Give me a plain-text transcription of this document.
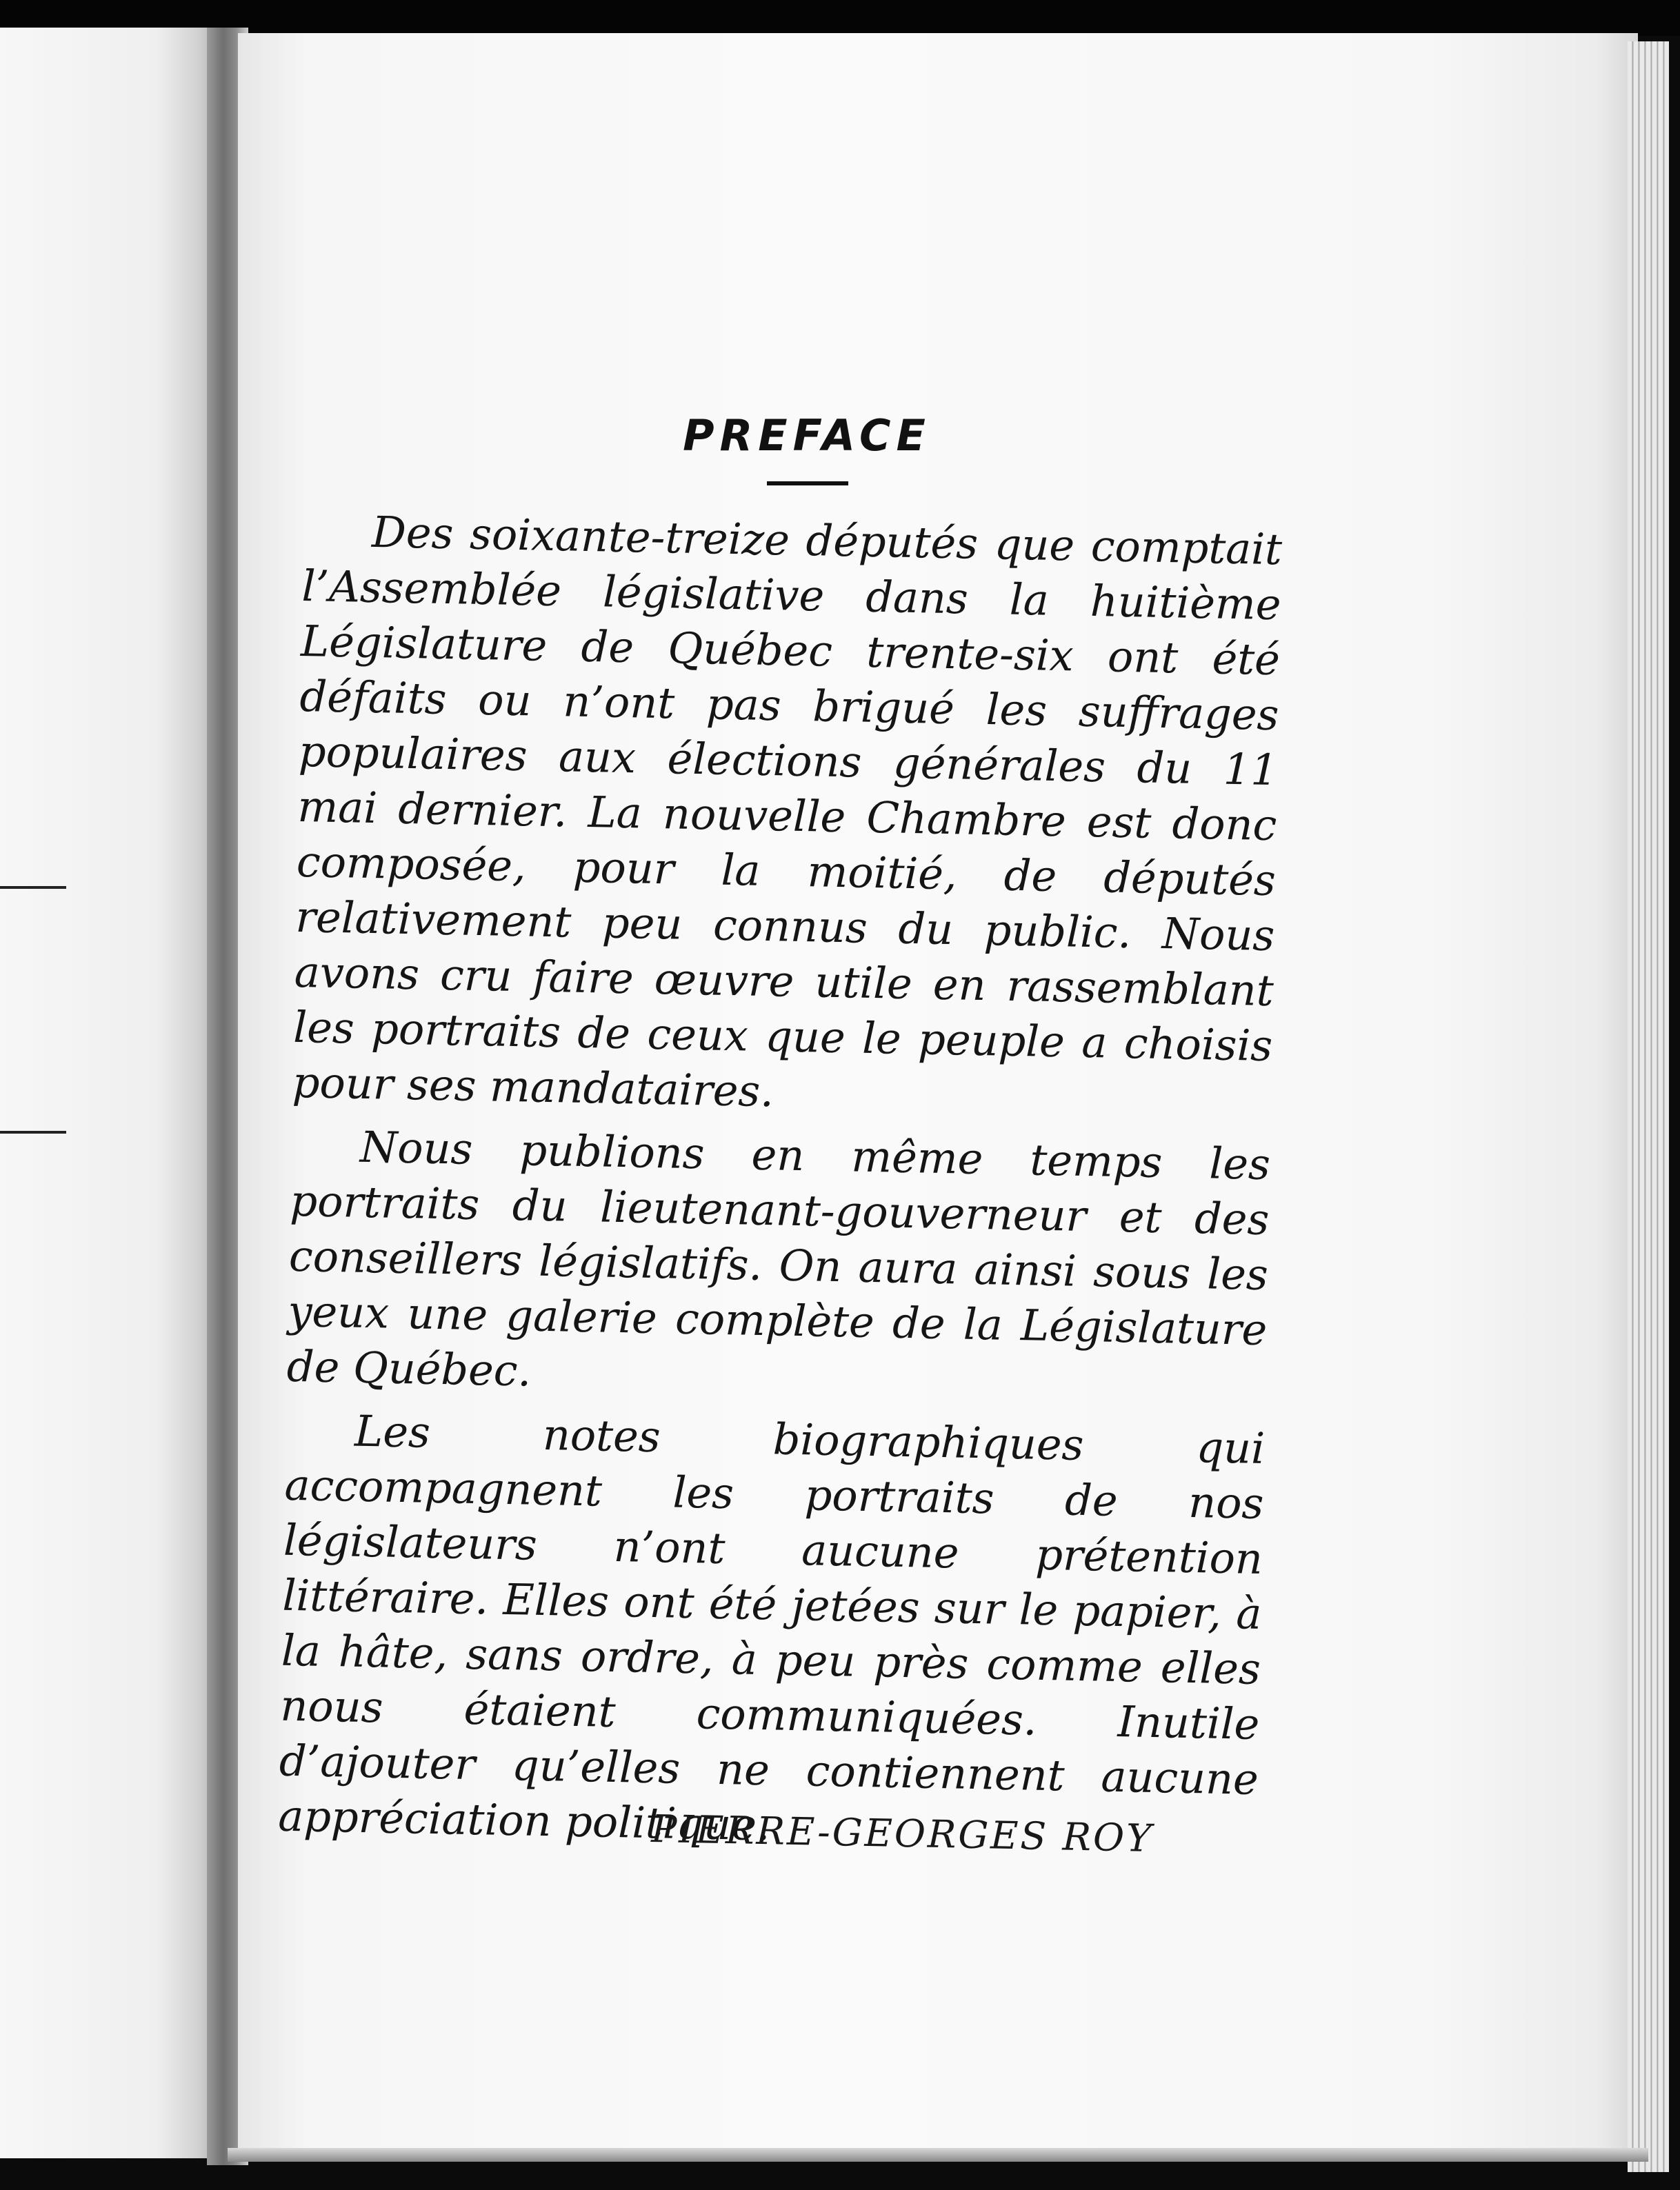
PREFACE

Des soixante-treize députés que comptait l’Assemblée législative dans la huitième Législature de Québec trente-six ont été défaits ou n’ont pas brigué les suffrages populaires aux élections générales du 11 mai dernier. La nouvelle Chambre est donc composée, pour la moitié, de députés relativement peu connus du public. Nous avons cru faire œuvre utile en rassemblant les portraits de ceux que le peuple a choisis pour ses mandataires.

Nous publions en même temps les portraits du lieutenant-gouverneur et des conseillers législatifs. On aura ainsi sous les yeux une galerie complète de la Législature de Québec.

Les notes biographiques qui accompagnent les portraits de nos législateurs n’ont aucune prétention littéraire. Elles ont été jetées sur le papier, à la hâte, sans ordre, à peu près comme elles nous étaient communiquées. Inutile d’ajouter qu’elles ne contiennent aucune appréciation politique.

PIERRE-GEORGES ROY
